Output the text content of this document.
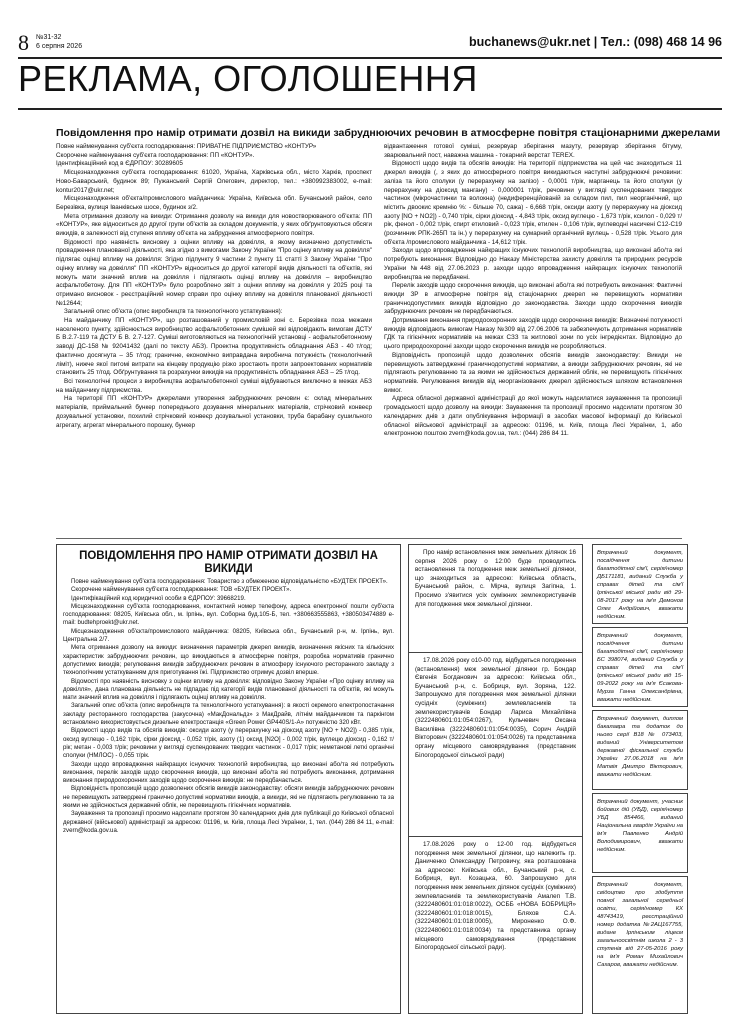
8 №31-32
6 серпня 2026	buchanews@ukr.net | Тел.: (098) 468 14 96
РЕКЛАМА, ОГОЛОШЕННЯ
Повідомлення про намір отримати дозвіл на викиди забруднюючих речовин в атмосферне повітря стаціонарними джерелами

Повне найменування суб'єкта господарювання: ПРИВАТНЕ ПІДПРИЄМСТВО «КОНТУР»

Скорочене найменування суб'єкта господарювання: ПП «КОНТУР».

Ідентифікаційний код в ЄДРПОУ: 30289605

Місцезнаходження суб'єкта господарювання: 61020, Україна, Харківська обл., місто Харків, проспект Ново-Баварський, будинок 89; Пужанський Сергій Олегович, директор, тел.: +380992383002, e-mail: kontur2017@ukr.net;

Місцезнаходження об'єкта/промислового майданчика: Україна, Київська обл. Бучанський район, село Березівка, вулиця Іванківське шосе, будинок з/2.

Мета отримання дозволу на викиди: Отримання дозволу на викиди для новостворюваного об'єкта: ПП «КОНТУР», яке відноситься до другої групи об'єктів за складом документів, у яких обґрунтовуються обсяги викидів, в залежності від ступеня впливу об'єкта на забруднення атмосферного повітря.

Відомості про наявність висновку з оцінки впливу на довкілля, в якому визначено допустимість провадження планованої діяльності, яка згідно з вимогами Закону України "Про оцінку впливу на довкілля" підлягає оцінці впливу на довкілля: Згідно підпункту 9 частини 2 пункту 11 статті 3 Закону України "Про оцінку впливу на довкілля" ПП «КОНТУР» відноситься до другої категорії видів діяльності та об'єктів, які можуть мати значний вплив на довкілля і підлягають оцінці впливу на довкілля – виробництво асфальтобетону. Для ПП «КОНТУР» було розроблено звіт з оцінки впливу на довкілля у 2025 році та отримано висновок - реєстраційний номер справи про оцінку впливу на довкілля планованої діяльності №12644;

Загальний опис об'єкта (опис виробництв та технологічного устаткування):

На майданчику ПП «КОНТУР», що розташований у промисловій зоні с. Березівка поза межами населеного пункту, здійснюється виробництво асфальтобетонних сумішей які відповідають вимогам ДСТУ Б В.2.7-119 та ДСТУ Б В. 2.7-127. Суміші виготовляються на технологічній установці - асфальтобетонному заводі ДС-158 № 92041432 (далі по тексту АБЗ). Проектна продуктивність обладнання АБЗ - 40 т/год; фактично досягнута – 35 т/год; граничне, економічно виправдана виробнича потужність (технологічний ліміт), нижче якої питомі витрати на кінцеву продукцію різко зростають проти запроектованих нормативів становить 25 т/год. Обґрунтування та розрахунки викидів на продуктивність обладнання АБЗ – 25 т/год.

Всі технологічні процеси з виробництва асфальтобетонної суміші відбуваються виключно в межах АБЗ на майданчику підприємства.

На території ПП «КОНТУР» джерелами утворення забруднюючих речовин є: склад мінеральних матеріалів, приймальний бункер попереднього дозування мінеральних матеріалів, стрічковий конвеєр дозувальної установки, похилий стрічковий конвеєр дозувальної установки, труба барабану сушильного агрегату, агрегат мінерального порошку, бункер

відвантаження готової суміші, резервуар зберігання мазуту, резервуар зберігання бітуму, зварювальний пост, наважна машина - токарний верстат TEREX.

Відомості щодо видів та обсягів викидів: На території підприємства на цей час знаходиться 11 джерел викидів (, з яких до атмосферного повітря викидаються наступні забруднюючі речовини: заліза та його сполуки (у перерахунку на залізо) - 0,0001 т/рік, марганець та його сполуки (у перерахунку на діоксид мангану) - 0,000001 т/рік, речовини у вигляді суспендованих твердих частинок (мікрочастинки та волокна) (недиференційованій за складом пил, пил неорганічний, що містить двоокис кремнію %: - більше 70, сажа) - 6,668 т/рік, оксиди азоту (у перерахунку на діоксид азоту [NO + NO2]) - 0,740 т/рік, сірки діоксид - 4,843 т/рік, оксид вуглецю - 1,673 т/рік, ксилол - 0,029 т/рік, фенол - 0,002 т/рік, спирт етиловий - 0,023 т/рік, етилен - 0,106 т/рік, вуглеводні насичені С12-С19 (розчинник РПК-265П та ін.) у перерахунку на сумарний органічний вуглець - 0,528 т/рік. Усього для об'єкта /промислового майданчика - 14,612 т/рік.

Заходи щодо впровадження найкращих існуючих технологій виробництва, що виконані або/та які потребують виконання: Відповідно до Наказу Міністерства захисту довкілля та природних ресурсів України №448 від 27.06.2023 р. заходи щодо впровадження найкращих існуючих технологій виробництва не передбачені.

Перелік заходів щодо скорочення викидів, що виконані або/та які потребують виконання: Фактичні викиди ЗР в атмосферне повітря від стаціонарних джерел не перевищують нормативи граничнодопустимих викидів відповідно до законодавства. Заходи щодо скорочення викидів забруднюючих речовин не передбачаються.

Дотримання виконання природоохоронних заходів щодо скорочення викидів: Визначені потужності викидів відповідають вимогам Наказу №309 від 27.06.2006 та забезпечують дотримання нормативів ГДК та гігієнічних нормативів на межах СЗЗ та житлової зони по усіх інгредієнтах. Відповідно до цього природоохоронні заходи щодо скорочення викидів не розробляються.

Відповідність пропозицій щодо дозволених обсягів викидів законодавству: Викиди не перевищують затвердженні граничнодопустимі нормативи, а викиди забруднюючих речовин, які не підлягають регулюванню та за якими не здійснюється державний облік, не перевищують гігієнічних нормативів. Регулювання викидів від неорганізованих джерел здійснюється шляхом встановлення вимог.

Адреса обласної державної адміністрації до якої можуть надсилатися зауваження та пропозиції громадськості щодо дозволу на викиди: Зауваження та пропозиції просимо надсилати протягом 30 календарних днів з дати опублікування інформації в засобах масової інформації до Київської обласної військової адміністрації за адресою: 01196, м. Київ, площа Лесі Українки, 1, або електронною поштою zvern@koda.gov.ua, тел.: (044) 286 84 11.

ПОВІДОМЛЕННЯ ПРО НАМІР ОТРИМАТИ ДОЗВІЛ НА ВИКИДИ

Повне найменування суб'єкта господарювання: Товариство з обмеженою відповідальністю «БУДТЕК ПРОЕКТ».

Скорочене найменування суб'єкта господарювання: ТОВ «БУДТЕК ПРОЕКТ».

Ідентифікаційний код юридичної особи в ЄДРПОУ: 39668219.

Місцезнаходження суб'єкта господарювання, контактний номер телефону, адреса електронної пошти суб'єкта господарювання: 08205, Київська обл., м. Ірпінь, вул. Соборна буд.105-Б, тел. +380663555863, +380503474889 e-mail: budtehproekt@ukr.net.

Місцезнаходження об'єкта/промислового майданчика: 08205, Київська обл., Бучанський р-н, м. Ірпінь, вул. Центральна 2/7.

Мета отримання дозволу на викиди: визначення параметрів джерел викидів, визначення якісних та кількісних характеристик забруднюючих речовин, що викидаються в атмосферне повітря, розробка нормативів гранично допустимих викидів; регулювання викидів забруднюючих речовин в атмосферу існуючого ресторанного закладу з технологічним устаткуванням для приготування їжі. Підприємство отримує дозвіл вперше.

Відомості про наявність висновку з оцінки впливу на довкілля: відповідно Закону України «Про оцінку впливу на довкілля», дана планована діяльність не підпадає під категорії видів планованої діяльності та об'єктів, які можуть мати значний вплив на довкілля і підлягають оцінці впливу на довкілля.

Загальний опис об'єкта (опис виробництв та технологічного устаткування): в якості окремого електропостачання закладу ресторанного господарства (закусочна) «МакДональдз» з МакДрайв, літнім майданчиком та паркінгом встановлено використовується дизельне електростанція «Green Power GP440S/1-A» потужністю 320 кВт.

Відомості щодо видів та обсягів викидів: оксиди азоту (у перерахунку на діоксид азоту [NO + NO2]) - 0,385 т/рік, оксид вуглецю - 0,162 т/рік, сірки діоксид - 0,052 т/рік, азоту (1) оксид [N2O] - 0,002 т/рік, вуглецю діоксид - 0,162 т/рік; метан - 0,003 т/рік; речовини у вигляді суспендованих твердих частинок - 0,017 т/рік; неметанові леткі органічні сполуки (НМЛОС) - 0,055 т/рік.

Заходи щодо впровадження найкращих існуючих технологій виробництва, що виконані або/та які потребують виконання, перелік заходів щодо скорочення викидів, що виконані або/та які потребують виконання, дотримання виконання природоохоронних заходів щодо скорочення викидів: не передбачається.

Відповідність пропозицій щодо дозволених обсягів викидів законодавству: обсяги викидів забруднюючих речовин не перевищують затверджені гранично допустимі нормативи викидів, а викиди, які не підлягають регулюванню та за якими не здійснюється державний облік, не перевищують гігієнічних нормативів.

Зауваження та пропозиції просимо надсилати протягом 30 календарних днів для публікації до Київської обласної державної (військової) адміністрації за адресою: 01196, м. Київ, площа Лесі Українки, 1, тел. (044) 286 84 11, e-mail: zvern@koda.gov.ua.

Про намір встановлення меж земельних ділянок 16 серпня 2026 року о 12:00 буде проводитись встановлення та погодження меж земельної ділянки, що знаходиться за адресою: Київська область, Бучанський район, с. Мірча, вулиця Загіпна, 1. Просимо з'явитися усіх суміжних землекористувачів для погодження меж земельної ділянки.

17.08.2026 року о10-00 год. відбудеться погодження (встановлення) меж земельної ділянки гр. Бондар Євгенія Богданович за адресою: Київська обл., Бучанський р-н, с. Бобриця, вул. Зорянa, 122. Запрошуємо для погодження меж земельної ділянки сусідніх (суміжних) землевласників та землекористувачів Бондар Лариса Михайлівна (3222480601:01:054:0267), Кульчевич Оксана Василівна (3222480601:01:054:0035), Сорич Андрій Вікторович (3222480601:01:054:0026) та представника органу місцевого самоврядування (представник Білогородської сільської ради)

17.08.2026 року о 12-00 год. відбудеться погодження меж земельної ділянки, що належить гр. Даниченко Олександру Петровичу, яка розташована за адресою: Київська обл., Бучанський р-н, с. Бобриця, вул. Козацька, 60. Запрошуємо для погодження меж земельних ділянок сусідніх (суміжних) землевласників та землекористувачів Амалеп Т.В. (3222480601:01:018:0022), ОСББ «НОВА БОБРИЦЯ» (3222480601:01:018:0015), Бляхов С.А. (3222480601:01:018:0005), Мироненко О.Ф. (3222480601:01:018:0034) та представника органу місцевого самоврядування (представник Білогородської сільської ради).

Втрачений документ, посвідчення дитини багатодітної сім'ї, серія/номер ДБ171181, виданий Служба у справах дітей та сім'ї Ірпінської міської ради від 29-08-2017 року на ім'я Демонов Олег Андрійович, вважати недійсним.
Втрачений документ, посвідчення дитини багатодітної сім'ї, серія/номер БС 398074, виданий Служба у справах дітей та сім'ї Ірпінської міської ради від 15-09-2022 року на ім'я Єсакова-Мурза Ганна Олександрівна, вважати недійсним.
Втрачений документ, диплом бакалавра та додаток до нього серії В18 № 073403, виданий Університетом державної фіскальної служби України 27.06.2018 на ім'я Матвія Дмитро Вікторович, вважати недійсним.
Втрачений документ, учасник бойових дій (УБД), серія/номер УБД 854466, виданий Національна гвардія України на ім'я Павленко Андрій Володимирович, вважати недійсним.
Втрачений документ, свідоцтво про здобуття повної загальної середньої освіти, серія/номер КХ 48743419, реєстраційний номер додатка №2АЦ167755, видане Ірпінським ліцеєм загальноосвітнім школа 2 - 3 ступенів від 27-05-2016 року на ім'я Роман Михайлович Сахаров, вважати недійсним.
